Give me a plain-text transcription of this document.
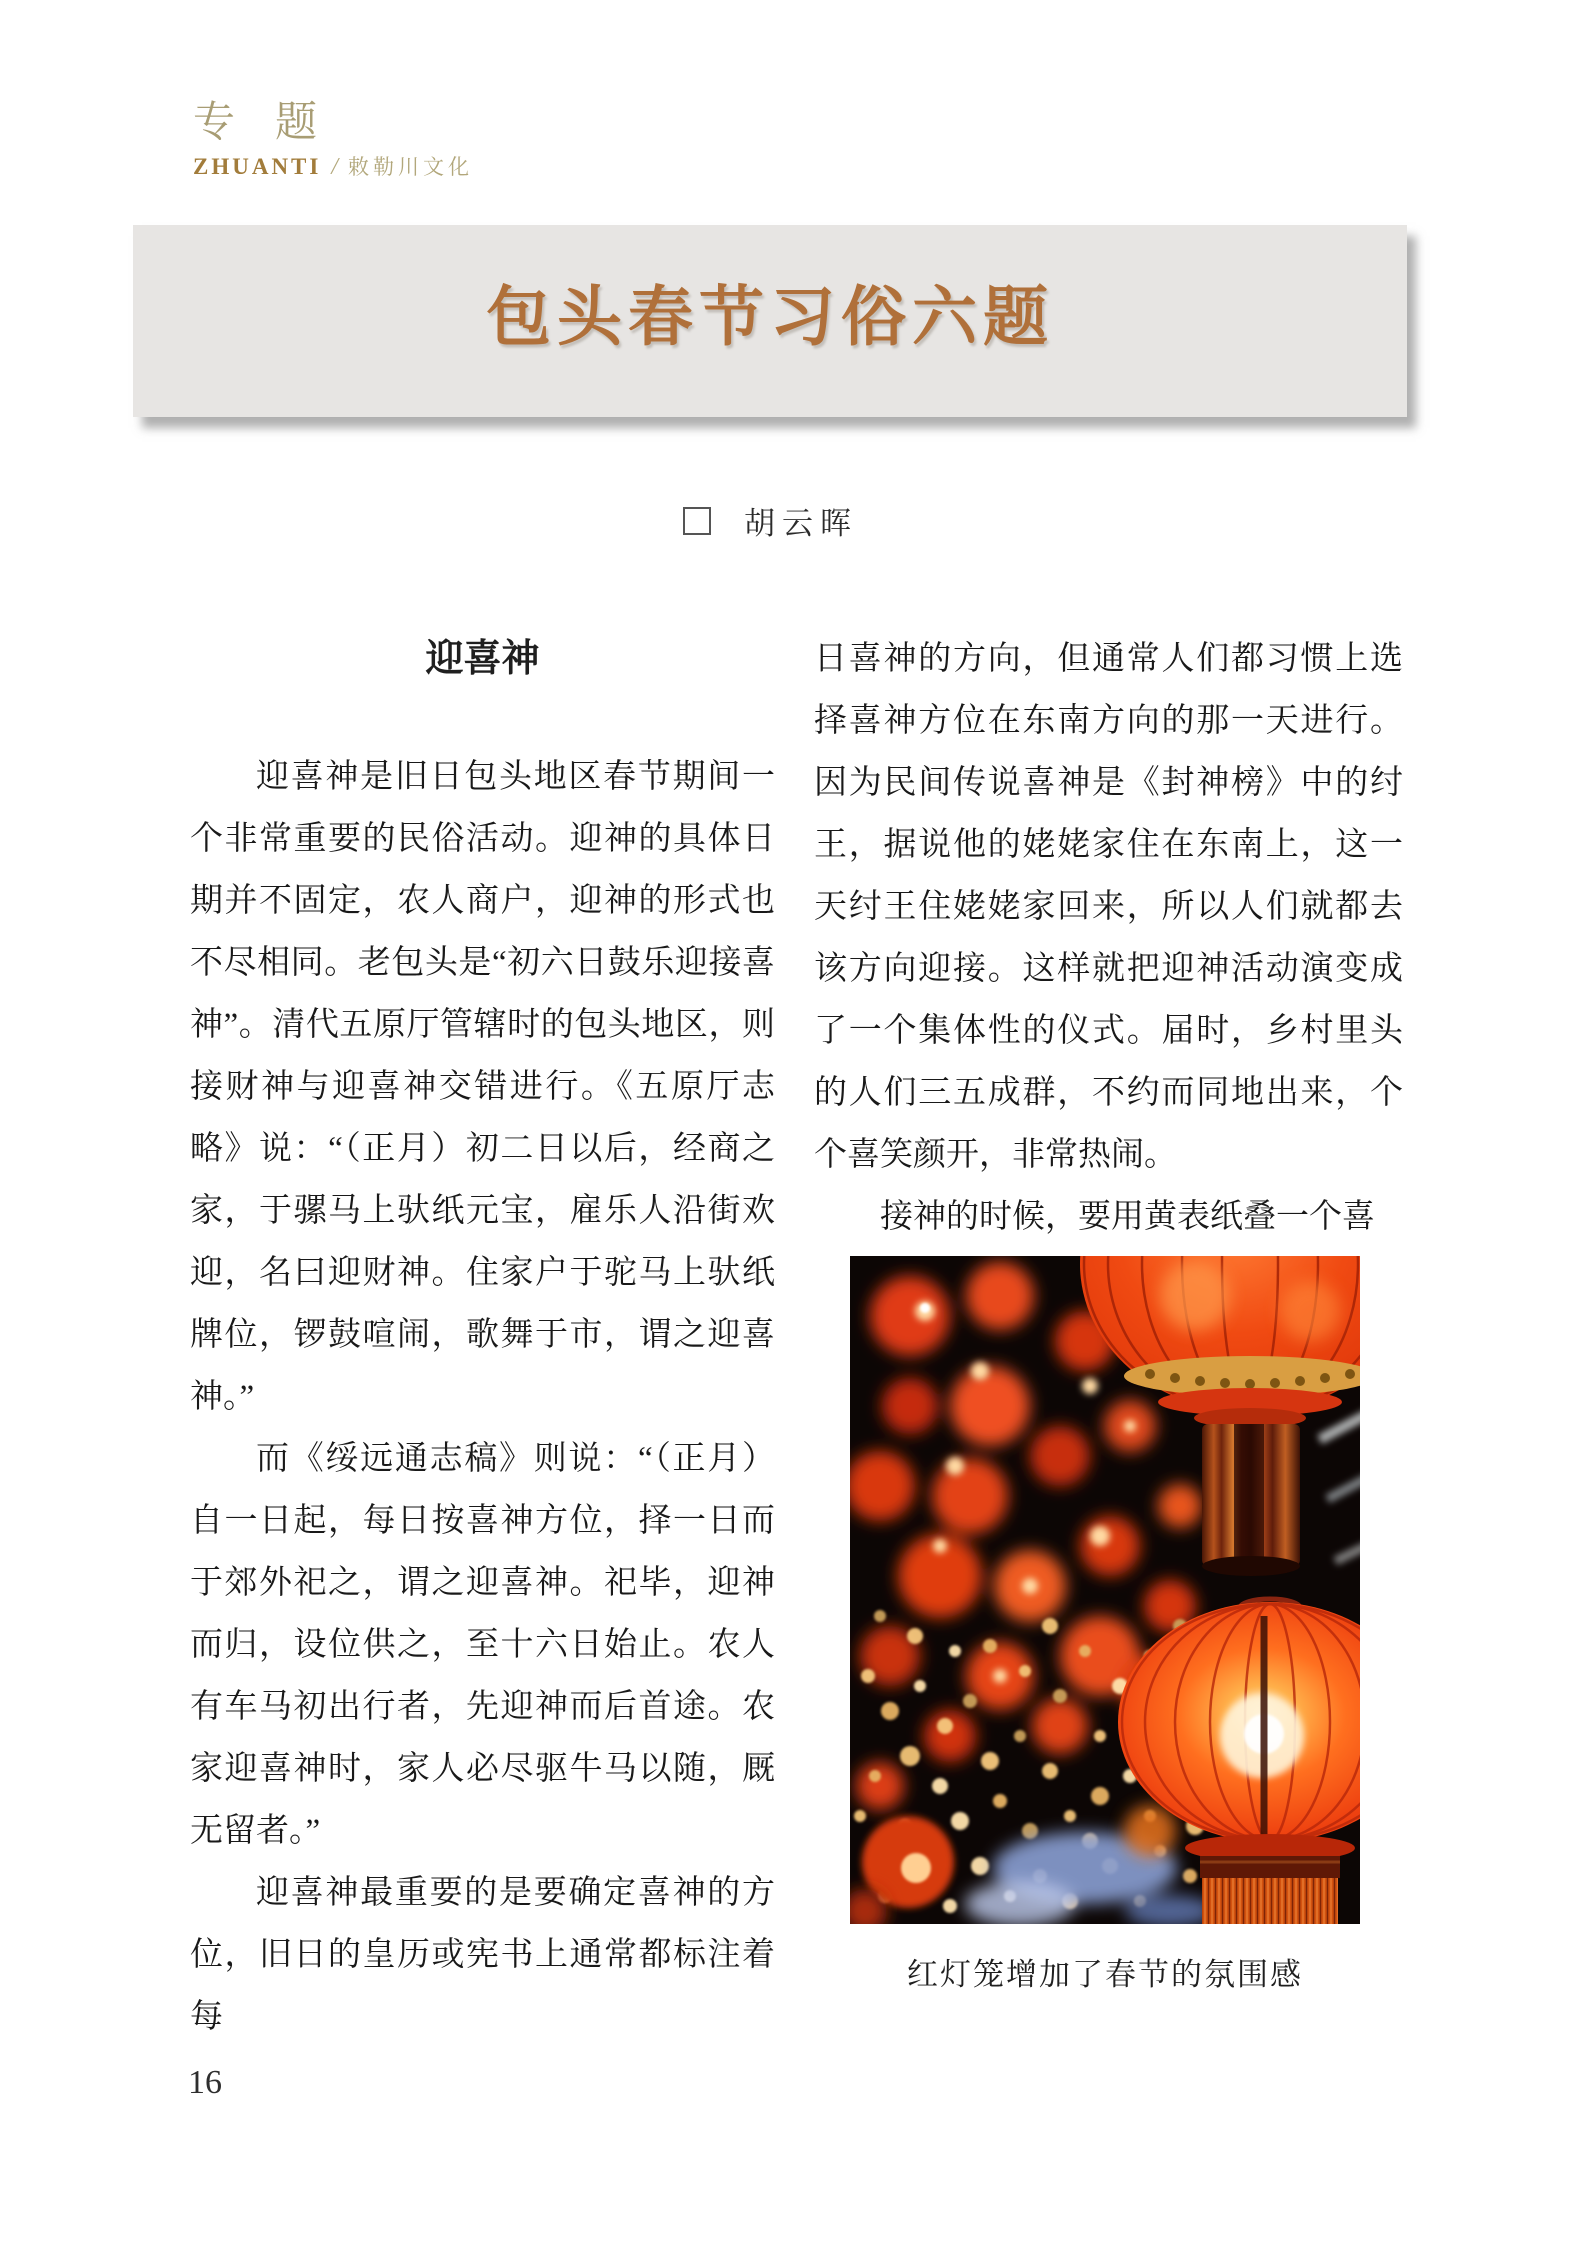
专题
ZHUANTI / 敕勒川文化
包头春节习俗六题
胡云晖
迎喜神

迎喜神是旧日包头地区春节期间一个非常重要的民俗活动。迎神的具体日期并不固定，农人商户，迎神的形式也不尽相同。老包头是“初六日鼓乐迎接喜神”。清代五原厅管辖时的包头地区，则接财神与迎喜神交错进行。《五原厅志略》说：“（正月）初二日以后，经商之家，于骡马上驮纸元宝，雇乐人沿街欢迎，名曰迎财神。住家户于驼马上驮纸牌位，锣鼓喧闹，歌舞于市，谓之迎喜神。”

而《绥远通志稿》则说：“（正月）自一日起，每日按喜神方位，择一日而于郊外祀之，谓之迎喜神。祀毕，迎神而归，设位供之，至十六日始止。农人有车马初出行者，先迎神而后首途。农家迎喜神时，家人必尽驱牛马以随，厩无留者。”

迎喜神最重要的是要确定喜神的方位，旧日的皇历或宪书上通常都标注着每

日喜神的方向，但通常人们都习惯上选择喜神方位在东南方向的那一天进行。因为民间传说喜神是《封神榜》中的纣王，据说他的姥姥家住在东南上，这一天纣王住姥姥家回来，所以人们就都去该方向迎接。这样就把迎神活动演变成了一个集体性的仪式。届时，乡村里头的人们三五成群，不约而同地出来，个个喜笑颜开，非常热闹。

接神的时候，要用黄表纸叠一个喜

红灯笼增加了春节的氛围感
16
